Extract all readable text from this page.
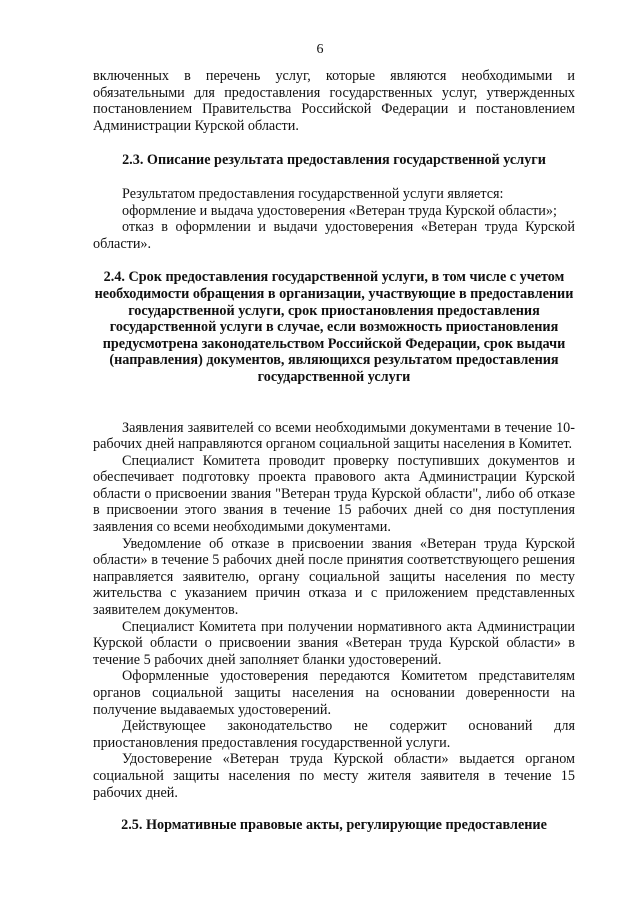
6

включенных в перечень услуг, которые являются необходимыми и обязательными для предоставления государственных услуг, утвержденных постановлением Правительства Российской Федерации и постановлением Администрации Курской области.

2.3. Описание результата предоставления государственной услуги

Результатом предоставления государственной услуги является:

оформление и выдача удостоверения «Ветеран труда Курской области»;

отказ в оформлении и выдачи удостоверения «Ветеран труда Курской области».

2.4. Срок предоставления государственной услуги, в том числе с учетом необходимости обращения в организации, участвующие в предоставлении государственной услуги, срок приостановления предоставления государственной услуги в случае, если возможность приостановления предусмотрена законодательством Российской Федерации, срок выдачи (направления) документов, являющихся результатом предоставления государственной услуги

Заявления заявителей со всеми необходимыми документами в течение 10-рабочих дней направляются органом социальной защиты населения в Комитет.

Специалист Комитета проводит проверку поступивших документов и обеспечивает подготовку проекта правового акта Администрации Курской области о присвоении звания "Ветеран труда Курской области", либо об отказе в присвоении этого звания в течение 15 рабочих дней со дня поступления заявления со всеми необходимыми документами.

Уведомление об отказе в присвоении звания «Ветеран труда Курской области» в течение 5 рабочих дней после принятия соответствующего решения направляется заявителю, органу социальной защиты населения по месту жительства с указанием причин отказа и с приложением представленных заявителем документов.

Специалист Комитета при получении нормативного акта Администрации Курской области о присвоении звания «Ветеран труда Курской области» в течение 5 рабочих дней заполняет бланки удостоверений.

Оформленные удостоверения передаются Комитетом представителям органов социальной защиты населения на основании доверенности на получение выдаваемых удостоверений.

Действующее законодательство не содержит оснований для приостановления предоставления государственной услуги.

Удостоверение «Ветеран труда Курской области» выдается органом социальной защиты населения по месту жителя заявителя в течение 15 рабочих дней.

2.5. Нормативные правовые акты, регулирующие предоставление
